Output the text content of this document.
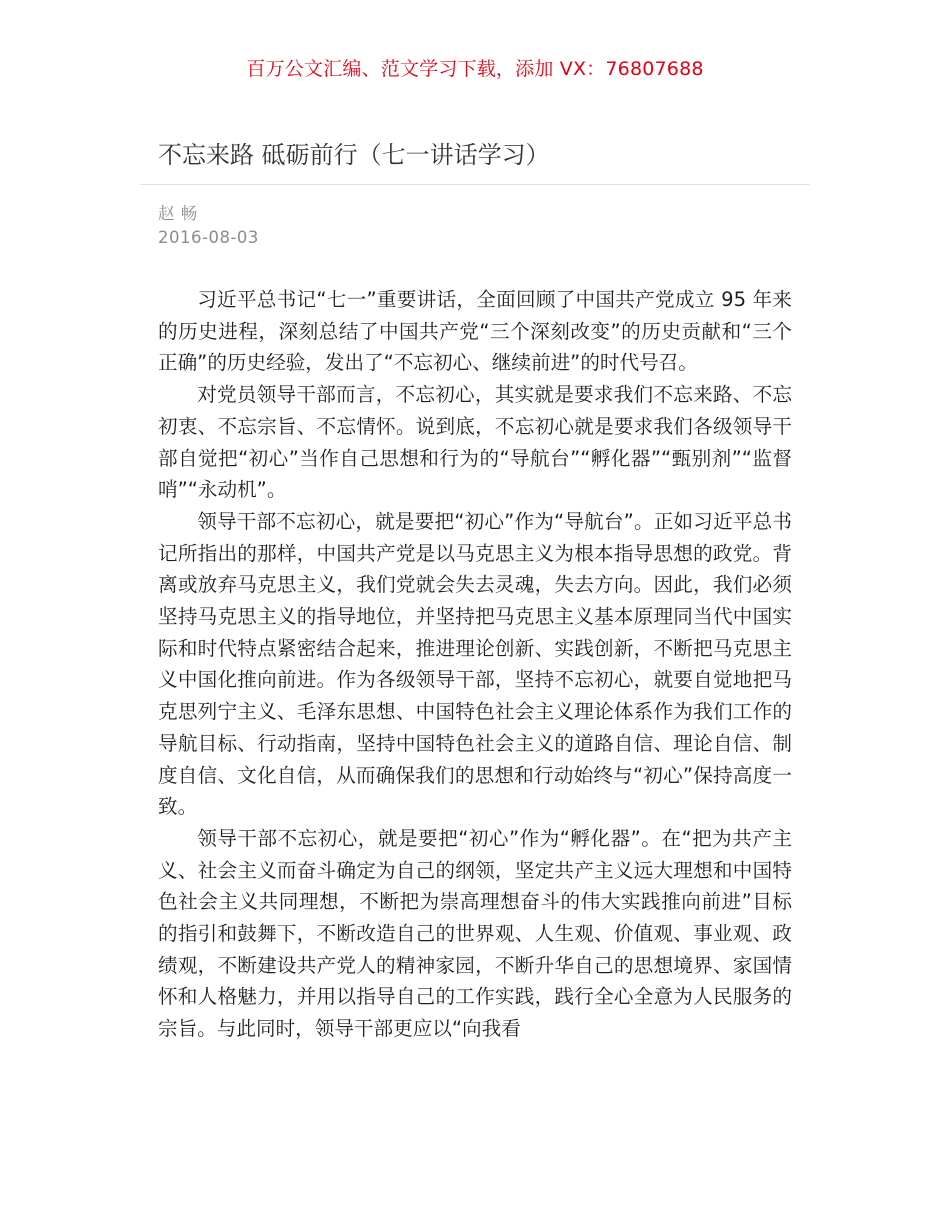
百万公文汇编、范文学习下载，添加 VX：76807688
不忘来路 砥砺前行（七一讲话学习）
赵 畅
2016-08-03

习近平总书记“七一”重要讲话，全面回顾了中国共产党成立 95 年来的历史进程，深刻总结了中国共产党“三个深刻改变”的历史贡献和“三个正确”的历史经验，发出了“不忘初心、继续前进”的时代号召。

对党员领导干部而言，不忘初心，其实就是要求我们不忘来路、不忘初衷、不忘宗旨、不忘情怀。说到底，不忘初心就是要求我们各级领导干部自觉把“初心”当作自己思想和行为的“导航台”“孵化器”“甄别剂”“监督哨”“永动机”。

领导干部不忘初心，就是要把“初心”作为“导航台”。正如习近平总书记所指出的那样，中国共产党是以马克思主义为根本指导思想的政党。背离或放弃马克思主义，我们党就会失去灵魂，失去方向。因此，我们必须坚持马克思主义的指导地位，并坚持把马克思主义基本原理同当代中国实际和时代特点紧密结合起来，推进理论创新、实践创新，不断把马克思主义中国化推向前进。作为各级领导干部，坚持不忘初心，就要自觉地把马克思列宁主义、毛泽东思想、中国特色社会主义理论体系作为我们工作的导航目标、行动指南，坚持中国特色社会主义的道路自信、理论自信、制度自信、文化自信，从而确保我们的思想和行动始终与“初心”保持高度一致。

领导干部不忘初心，就是要把“初心”作为“孵化器”。在“把为共产主义、社会主义而奋斗确定为自己的纲领，坚定共产主义远大理想和中国特色社会主义共同理想，不断把为崇高理想奋斗的伟大实践推向前进”目标的指引和鼓舞下，不断改造自己的世界观、人生观、价值观、事业观、政绩观，不断建设共产党人的精神家园，不断升华自己的思想境界、家国情怀和人格魅力，并用以指导自己的工作实践，践行全心全意为人民服务的宗旨。与此同时，领导干部更应以“向我看
